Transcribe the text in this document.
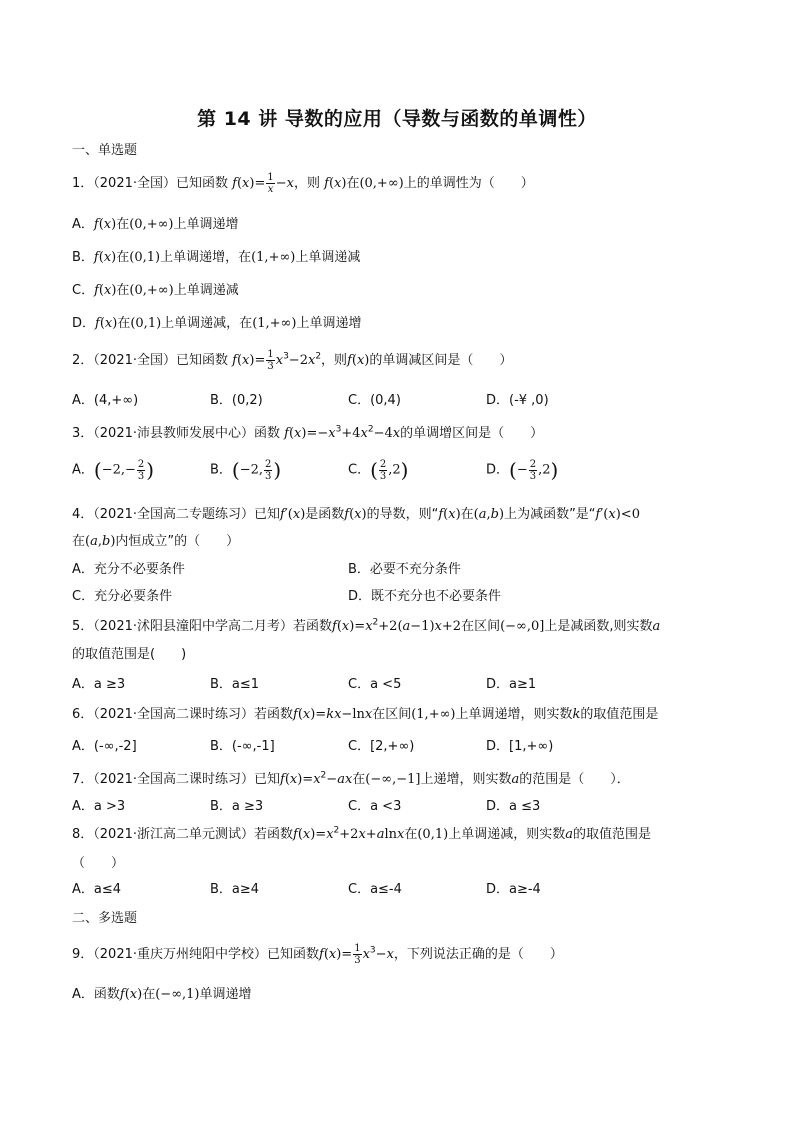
第 14 讲 导数的应用（导数与函数的单调性）
一、单选题
1．（2021·全国）已知函数 $f(x)= \frac{1}{x} -x$，则 f(x)在(0,+∞)上的单调性为（　　）
A．f(x)在(0,+∞)上单调递增
B．f(x)在(0,1)上单调递增，在(1,+∞)上单调递减
C．f(x)在(0,+∞)上单调递减
D．f(x)在(0,1)上单调递减，在(1,+∞)上单调递增
2．（2021·全国）已知函数 $f(x)= \frac{1}{3} x^3-2x^2$，则f(x)的单调减区间是（　　）
A．(4,+∞)	B．(0,2)	C．(0,4)	D．(-¥ ,0)
3．（2021·沛县教师发展中心）函数 $f(x)=-x^3+4x^2-4x$的单调增区间是（　　）
A．($-2,- \frac{2}{3}$ )	B．(−2, $\frac{2}{3}$ )	C．( $\frac{2}{3} ,2$)	D．(− $\frac{2}{3} ,2$)
4．（2021·全国高二专题练习）已知f′(x)是函数f(x)的导数，则“f(x)在(a,b)上为减函数”是“f′(x)<0
在(a,b)内恒成立”的（　　）
A．充分不必要条件	B．必要不充分条件
C．充分必要条件	D．既不充分也不必要条件
5．（2021·沭阳县潼阳中学高二月考）若函数$f(x)=x^2+2(a-1)x+2$在区间(−∞,0]上是减函数,则实数a
的取值范围是(　　)
A．a ≥3	B．a≤1	C．a <5	D．a≥1
6．（2021·全国高二课时练习）若函数f(x)=kx−lnx在区间(1,+∞)上单调递增，则实数k的取值范围是
A．(-∞,-2]	B．(-∞,-1]	C．[2,+∞)	D．[1,+∞)
7．（2021·全国高二课时练习）已知$f(x)=x^2-ax$在(−∞,−1]上递增，则实数a的范围是（　　）．
A．a >3	B．a ≥3	C．a <3	D．a ≤3
8．（2021·浙江高二单元测试）若函数$f(x)=x^2+2x+alnx$在(0,1)上单调递减，则实数a的取值范围是
（　　）
A．a≤4	B．a≥4	C．a≤-4	D．a≥-4
二、多选题
9．（2021·重庆万州纯阳中学校）已知函数$f(x)= \frac{1}{3} x^3-x$，下列说法正确的是（　　）
A．函数f(x)在(−∞,1)单调递增
